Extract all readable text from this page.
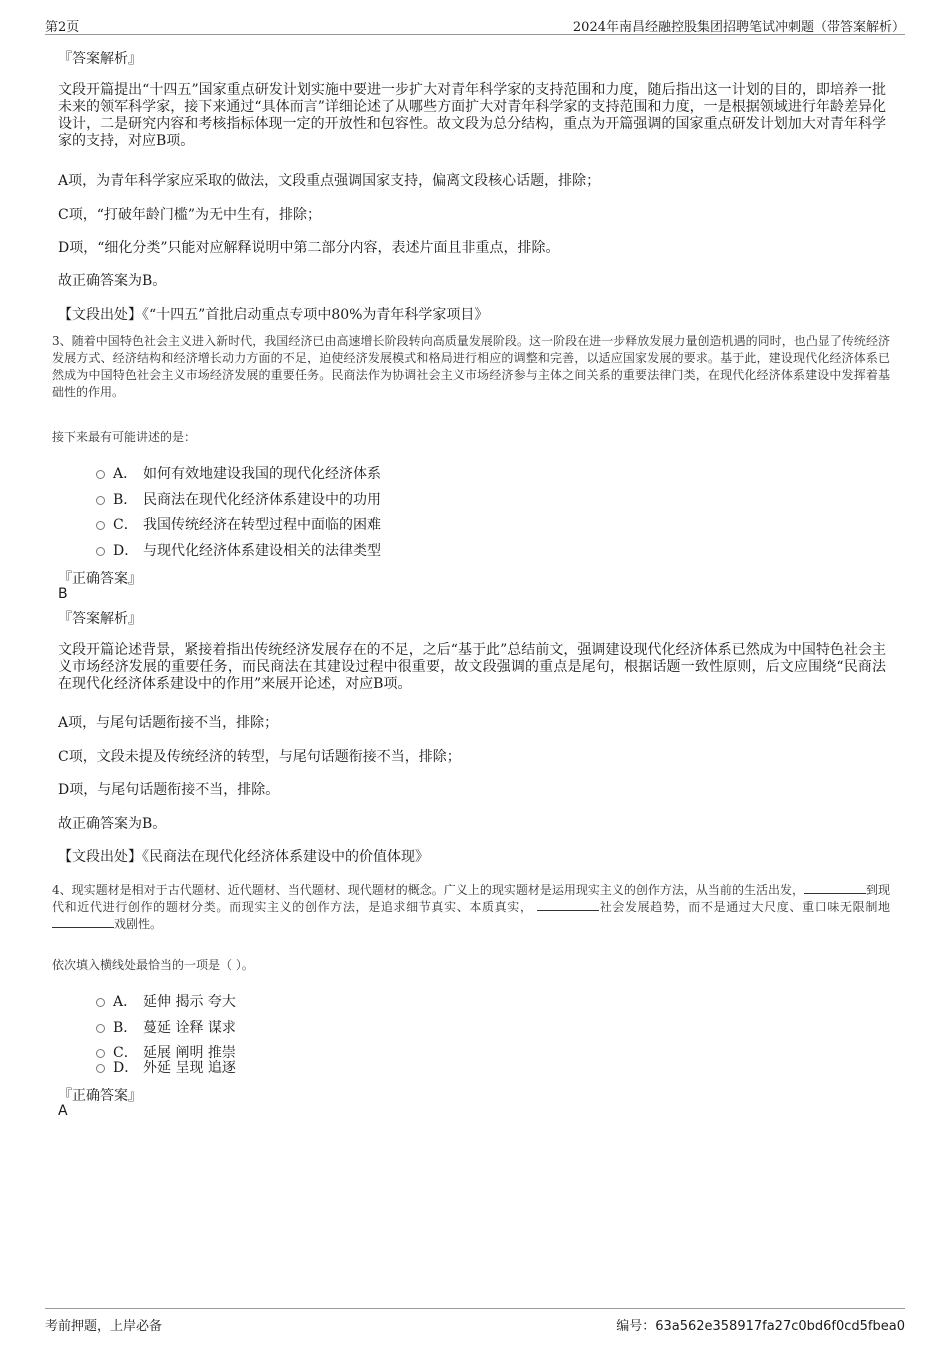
第2页	2024年南昌经融控股集团招聘笔试冲刺题（带答案解析）
『答案解析』

文段开篇提出“十四五”国家重点研发计划实施中要进一步扩大对青年科学家的支持范围和力度，随后指出这一计划的目的，即培养一批未来的领军科学家，接下来通过“具体而言”详细论述了从哪些方面扩大对青年科学家的支持范围和力度，一是根据领域进行年龄差异化设计，二是研究内容和考核指标体现一定的开放性和包容性。故文段为总分结构，重点为开篇强调的国家重点研发计划加大对青年科学家的支持，对应B项。

A项，为青年科学家应采取的做法，文段重点强调国家支持，偏离文段核心话题，排除；
C项，“打破年龄门槛”为无中生有，排除；
D项，“细化分类”只能对应解释说明中第二部分内容，表述片面且非重点，排除。
故正确答案为B。
【文段出处】《“十四五”首批启动重点专项中80%为青年科学家项目》

3、随着中国特色社会主义进入新时代，我国经济已由高速增长阶段转向高质量发展阶段。这一阶段在进一步释放发展力量创造机遇的同时，也凸显了传统经济发展方式、经济结构和经济增长动力方面的不足，迫使经济发展模式和格局进行相应的调整和完善，以适应国家发展的要求。基于此，建设现代化经济体系已然成为中国特色社会主义市场经济发展的重要任务。民商法作为协调社会主义市场经济参与主体之间关系的重要法律门类，在现代化经济体系建设中发挥着基础性的作用。

接下来最有可能讲述的是：
A． 如何有效地建设我国的现代化经济体系
B． 民商法在现代化经济体系建设中的功用
C． 我国传统经济在转型过程中面临的困难
D． 与现代化经济体系建设相关的法律类型
『正确答案』
B
『答案解析』

文段开篇论述背景，紧接着指出传统经济发展存在的不足，之后“基于此”总结前文，强调建设现代化经济体系已然成为中国特色社会主义市场经济发展的重要任务，而民商法在其建设过程中很重要，故文段强调的重点是尾句，根据话题一致性原则，后文应围绕“民商法在现代化经济体系建设中的作用”来展开论述，对应B项。

A项，与尾句话题衔接不当，排除；
C项，文段未提及传统经济的转型，与尾句话题衔接不当，排除；
D项，与尾句话题衔接不当，排除。
故正确答案为B。
【文段出处】《民商法在现代化经济体系建设中的价值体现》

4、现实题材是相对于古代题材、近代题材、当代题材、现代题材的概念。广义上的现实题材是运用现实主义的创作方法，从当前的生活出发，	到现代和近代进行创作的题材分类。而现实主义的创作方法，是追求细节真实、本质真实，	社会发展趋势，而不是通过大尺度、重口味无限制地 戏剧性。

依次填入横线处最恰当的一项是（ ）。
A． 延伸 揭示 夸大
B． 蔓延 诠释 谋求
C． 延展 阐明 推崇
D． 外延 呈现 追逐
『正确答案』
A
考前押题，上岸必备	编号：63a562e358917fa27c0bd6f0cd5fbea0
